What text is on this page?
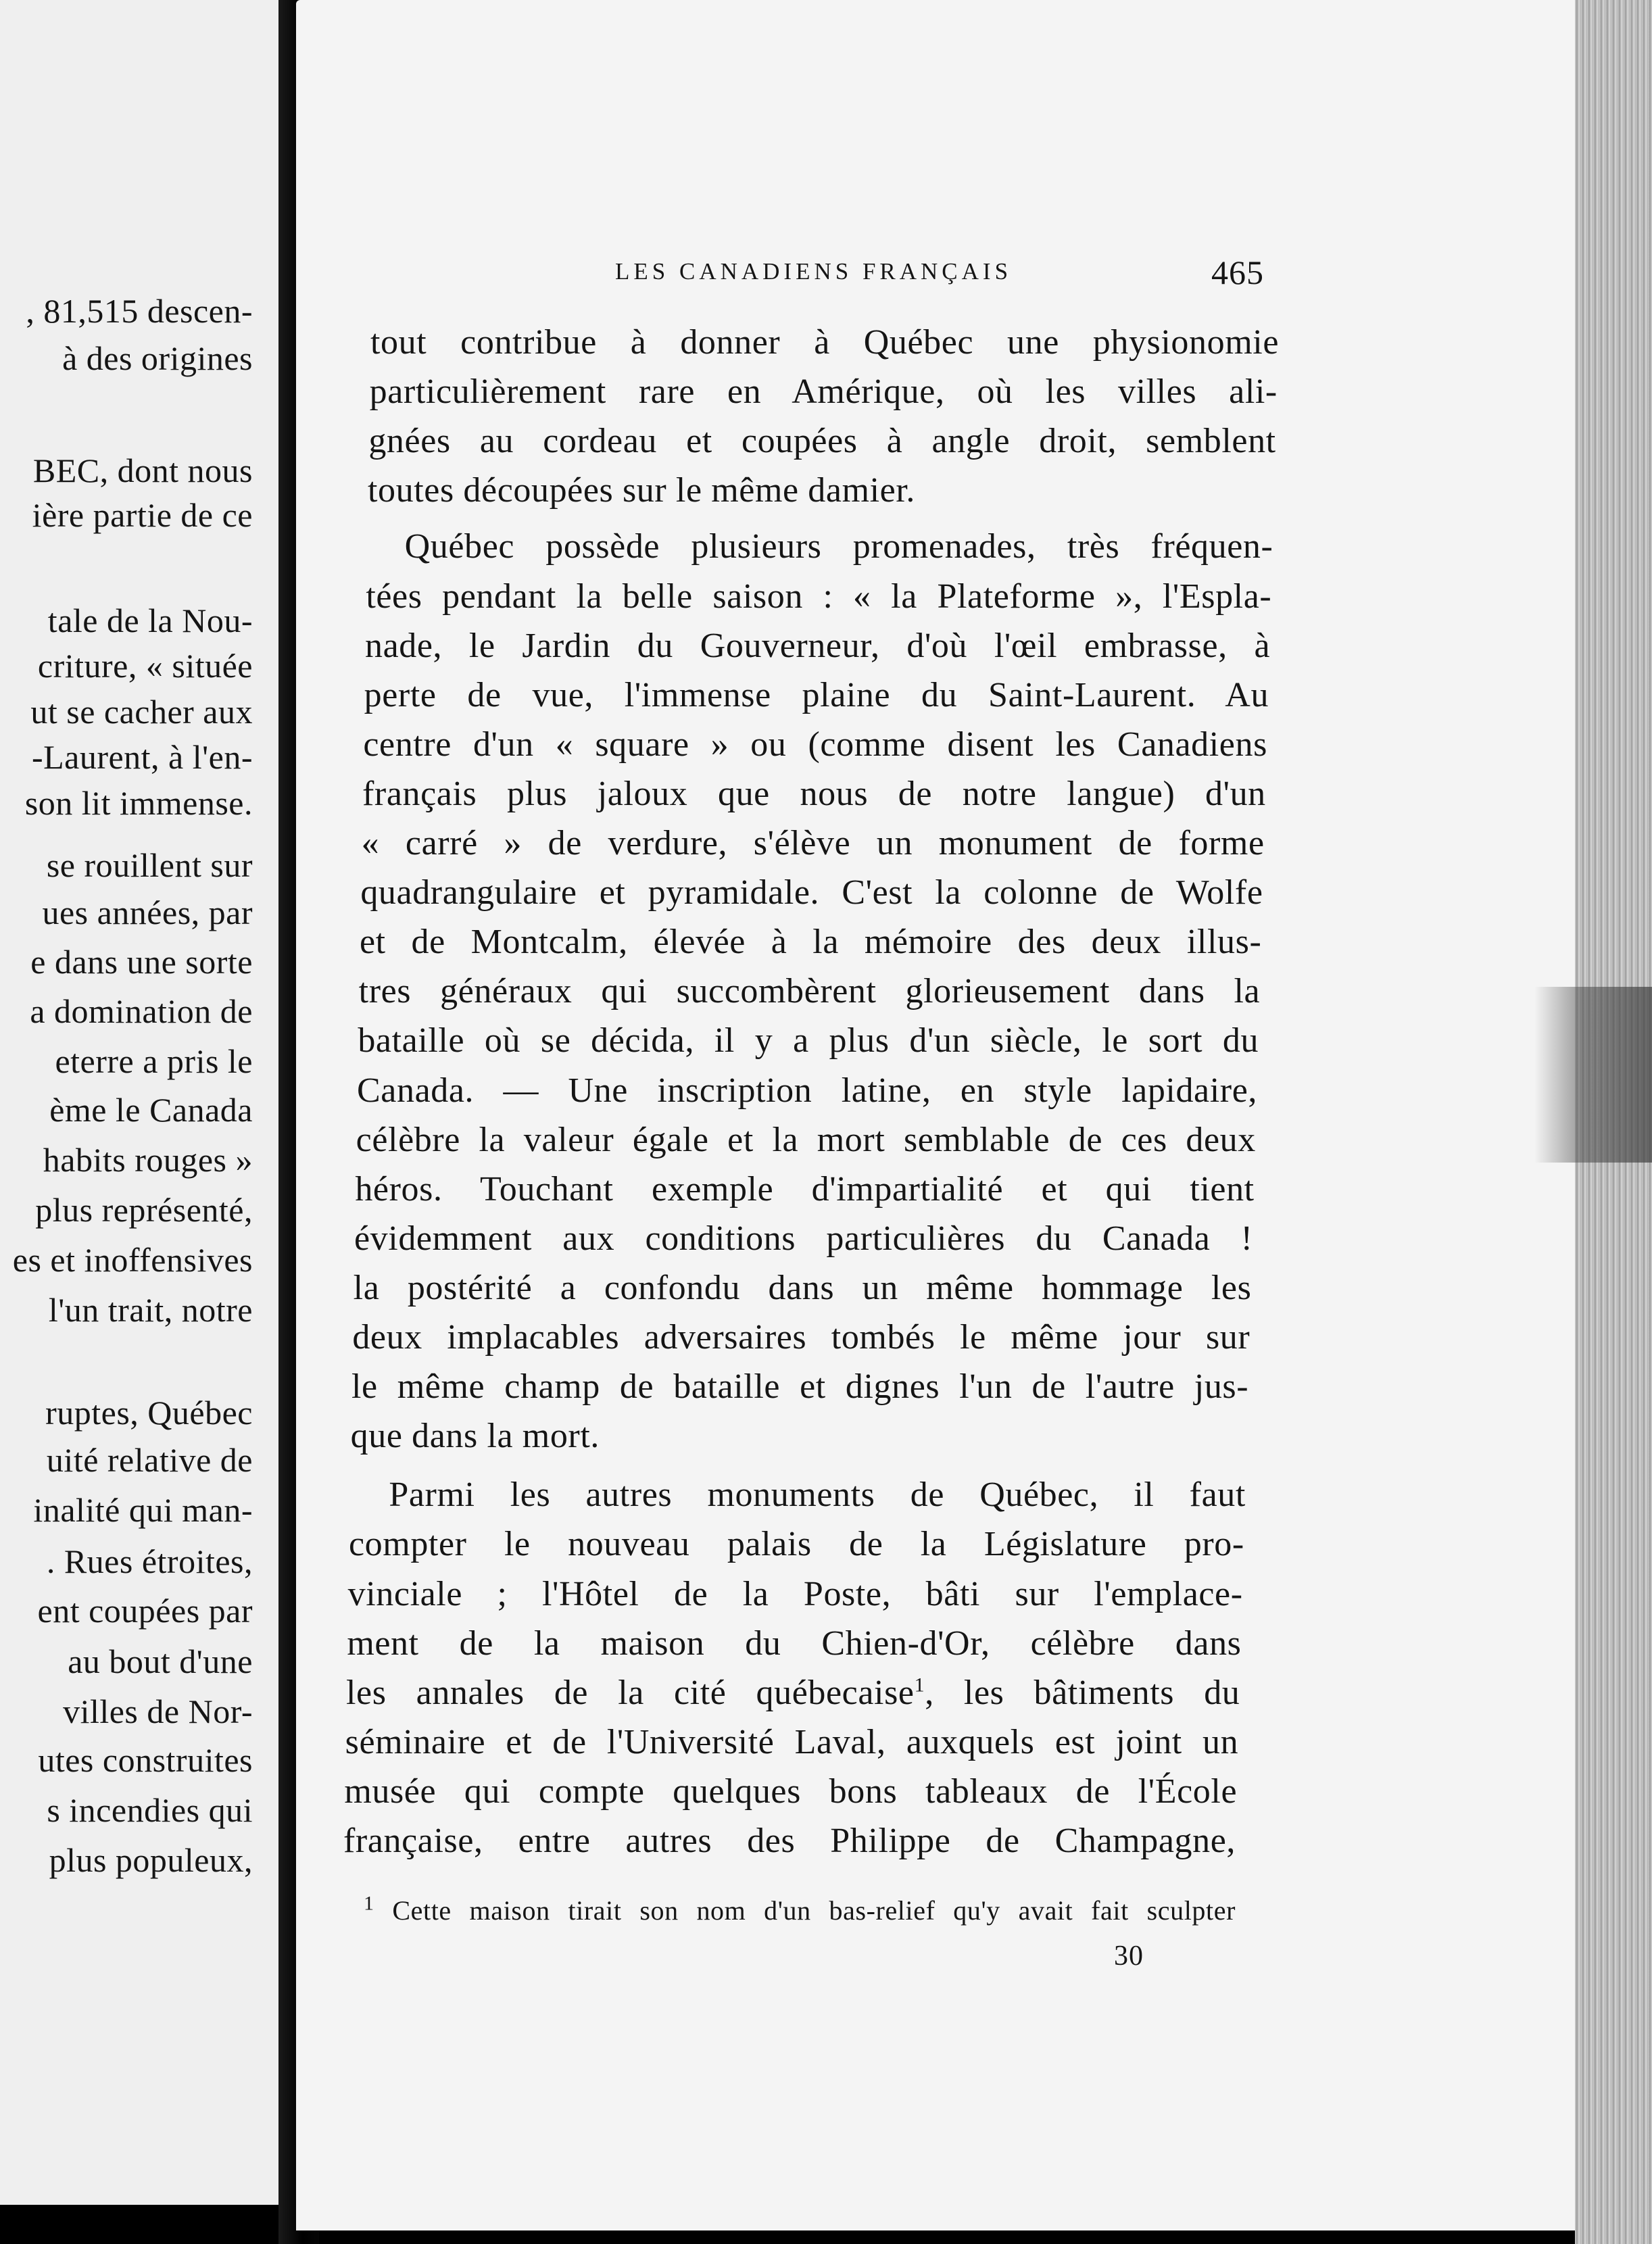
, 81,515 descen-
à des origines
BEC, dont nous
ière partie de ce
tale de la Nou-
criture, « située
ut se cacher aux
-Laurent, à l'en-
son lit immense.
se rouillent sur
ues années, par
e dans une sorte
a domination de
eterre a pris le
ème le Canada
habits rouges »
plus représenté,
es et inoffensives
l'un trait, notre
ruptes, Québec
uité relative de
inalité qui man-
. Rues étroites,
ent coupées par
au bout d'une
villes de Nor-
utes construites
s incendies qui
plus populeux,
LES CANADIENS FRANÇAIS	465
tout contribue à donner à Québec une physionomie
particulièrement rare en Amérique, où les villes ali-
gnées au cordeau et coupées à angle droit, semblent
toutes découpées sur le même damier.
Québec possède plusieurs promenades, très fréquen-
tées pendant la belle saison : « la Plateforme », l'Espla-
nade, le Jardin du Gouverneur, d'où l'œil embrasse, à
perte de vue, l'immense plaine du Saint-Laurent. Au
centre d'un « square » ou (comme disent les Canadiens
français plus jaloux que nous de notre langue) d'un
« carré » de verdure, s'élève un monument de forme
quadrangulaire et pyramidale. C'est la colonne de Wolfe
et de Montcalm, élevée à la mémoire des deux illus-
tres généraux qui succombèrent glorieusement dans la
bataille où se décida, il y a plus d'un siècle, le sort du
Canada. — Une inscription latine, en style lapidaire,
célèbre la valeur égale et la mort semblable de ces deux
héros. Touchant exemple d'impartialité et qui tient
évidemment aux conditions particulières du Canada !
la postérité a confondu dans un même hommage les
deux implacables adversaires tombés le même jour sur
le même champ de bataille et dignes l'un de l'autre jus-
que dans la mort.
Parmi les autres monuments de Québec, il faut
compter le nouveau palais de la Législature pro-
vinciale ; l'Hôtel de la Poste, bâti sur l'emplace-
ment de la maison du Chien-d'Or, célèbre dans
les annales de la cité québecaise$^1$, les bâtiments du
séminaire et de l'Université Laval, auxquels est joint un
musée qui compte quelques bons tableaux de l'École
française, entre autres des Philippe de Champagne,
$^1$ Cette maison tirait son nom d'un bas-relief qu'y avait fait sculpter
30
